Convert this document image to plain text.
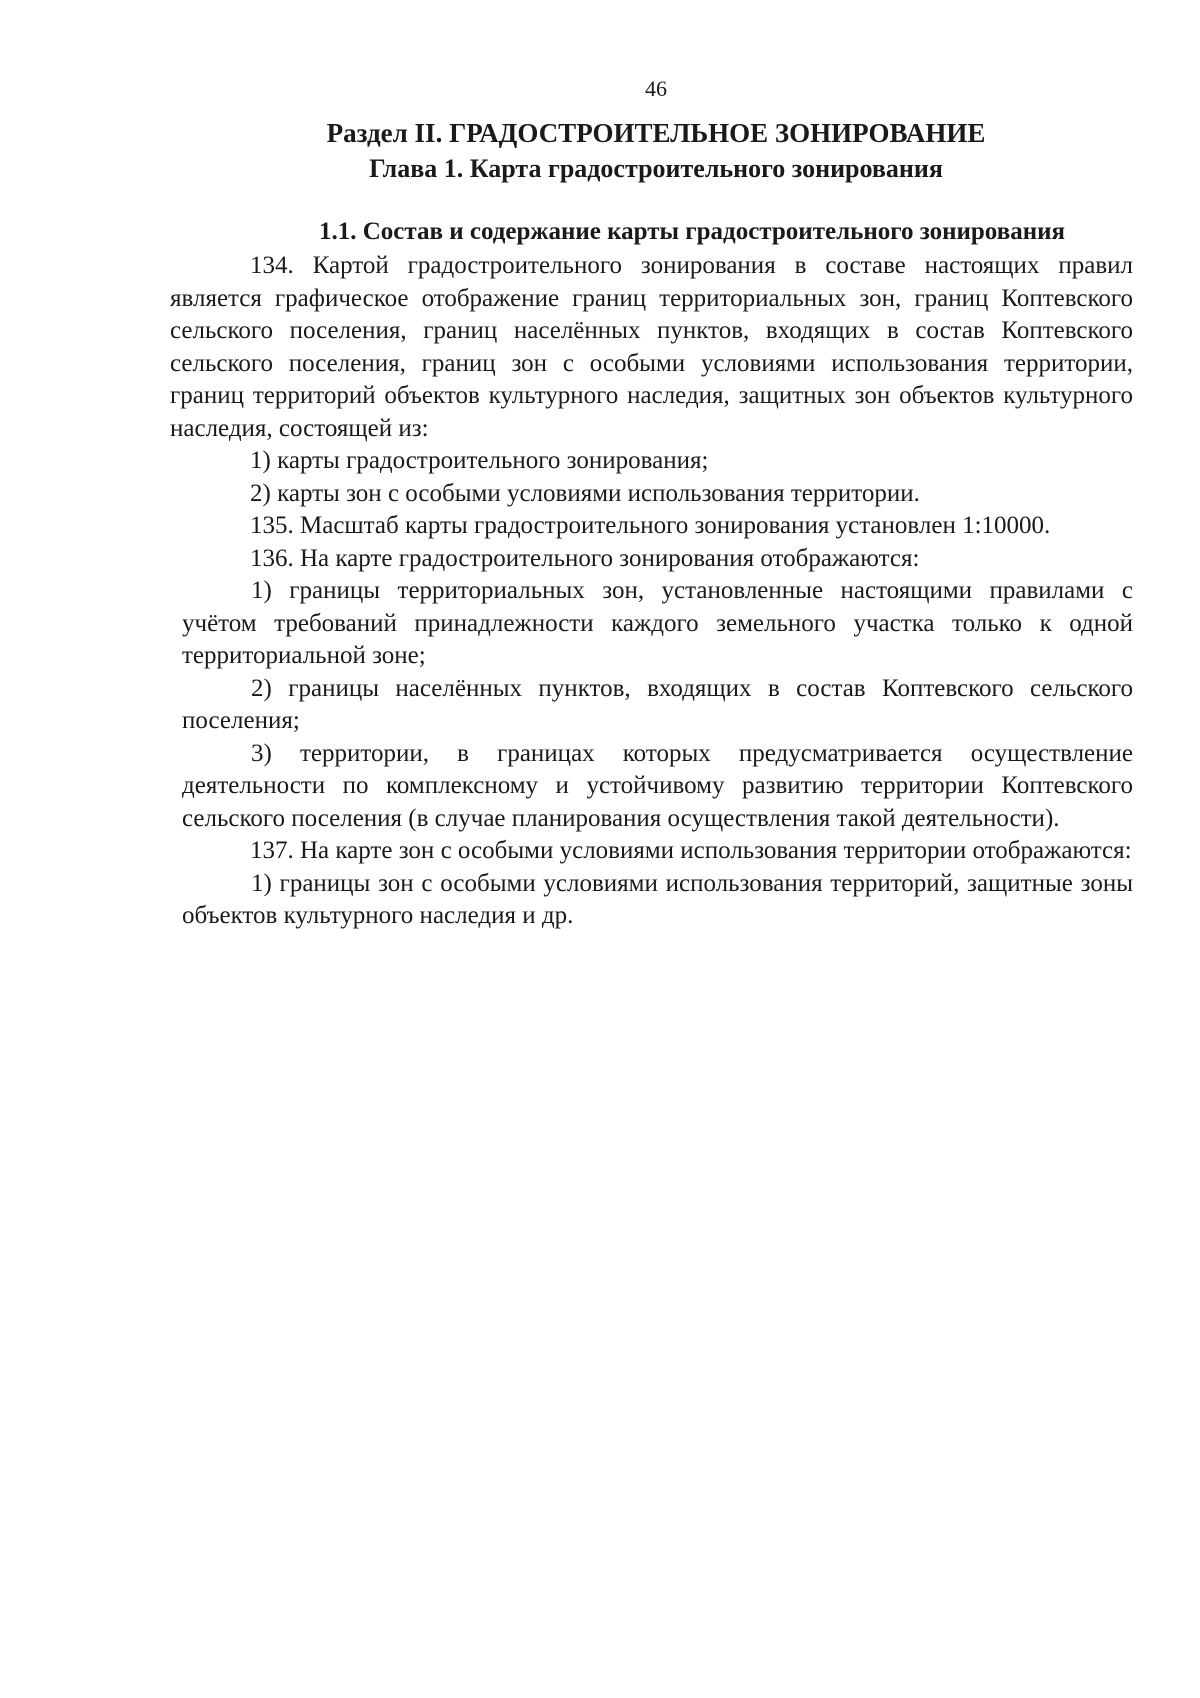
46
Раздел II. ГРАДОСТРОИТЕЛЬНОЕ ЗОНИРОВАНИЕ
Глава 1. Карта градостроительного зонирования
1.1. Состав и содержание карты градостроительного зонирования

134. Картой градостроительного зонирования в составе настоящих правил является графическое отображение границ территориальных зон, границ Коптевского сельского поселения, границ населённых пунктов, входящих в состав Коптевского сельского поселения, границ зон с особыми условиями использования территории, границ территорий объектов культурного наследия, защитных зон объектов культурного наследия, состоящей из:

1) карты градостроительного зонирования;

2) карты зон с особыми условиями использования территории.

135. Масштаб карты градостроительного зонирования установлен 1:10000.

136. На карте градостроительного зонирования отображаются:

1) границы территориальных зон, установленные настоящими правилами с учётом требований принадлежности каждого земельного участка только к одной территориальной зоне;

2) границы населённых пунктов, входящих в состав Коптевского сельского поселения;

3) территории, в границах которых предусматривается осуществление деятельности по комплексному и устойчивому развитию территории Коптевского сельского поселения (в случае планирования осуществления такой деятельности).

137. На карте зон с особыми условиями использования территории отображаются:

1) границы зон с особыми условиями использования территорий, защитные зоны объектов культурного наследия и др.
